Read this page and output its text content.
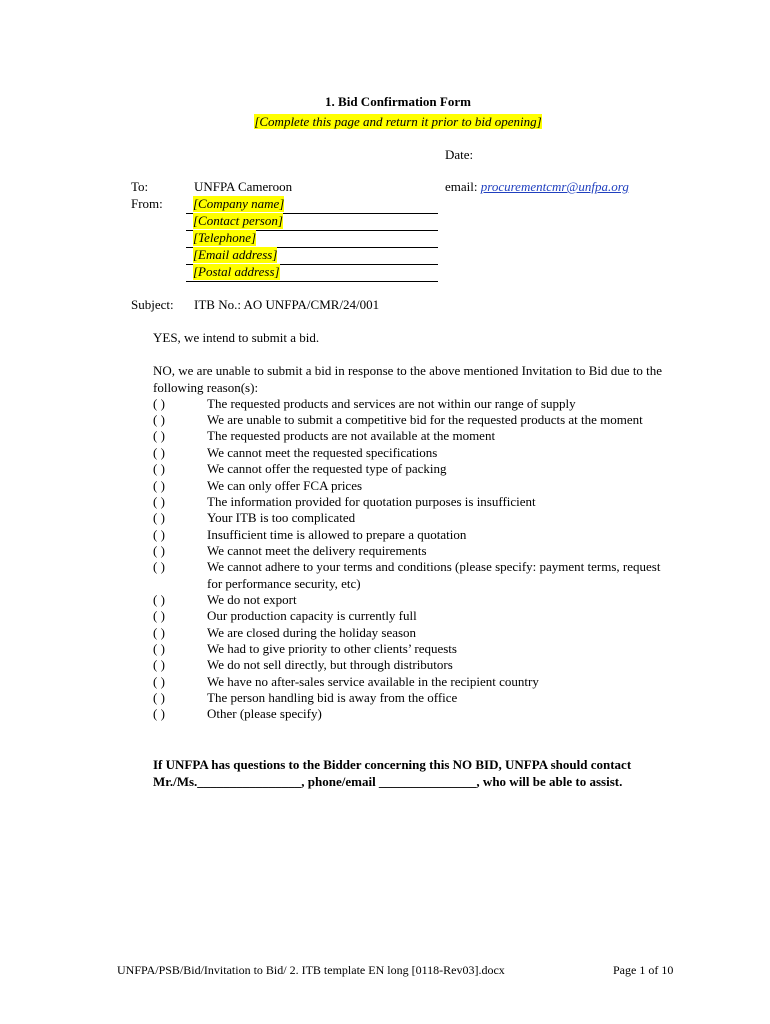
1. Bid Confirmation Form
[Complete this page and return it prior to bid opening]
Date:
email: procurementcmr@unfpa.org
To:	UNFPA Cameroon
From:	[Company name]
[Contact person]
[Telephone]
[Email address]
[Postal address]
Subject: ITB No.: AO UNFPA/CMR/24/001
YES, we intend to submit a bid.
NO, we are unable to submit a bid in response to the above mentioned Invitation to Bid due to the following reason(s):
( )	The requested products and services are not within our range of supply
( )	We are unable to submit a competitive bid for the requested products at the moment
( )	The requested products are not available at the moment
( )	We cannot meet the requested specifications
( )	We cannot offer the requested type of packing
( )	We can only offer FCA prices
( )	The information provided for quotation purposes is insufficient
( )	Your ITB is too complicated
( )	Insufficient time is allowed to prepare a quotation
( )	We cannot meet the delivery requirements
( )	We cannot adhere to your terms and conditions (please specify: payment terms, request for performance security, etc)
( )	We do not export
( )	Our production capacity is currently full
( )	We are closed during the holiday season
( )	We had to give priority to other clients’ requests
( )	We do not sell directly, but through distributors
( )	We have no after-sales service available in the recipient country
( )	The person handling bid is away from the office
( )	Other (please specify)
If UNFPA has questions to the Bidder concerning this NO BID, UNFPA should contact Mr./Ms.________________, phone/email _______________, who will be able to assist.
UNFPA/PSB/Bid/Invitation to Bid/ 2. ITB template EN long [0118-Rev03].docx	Page 1 of 10
